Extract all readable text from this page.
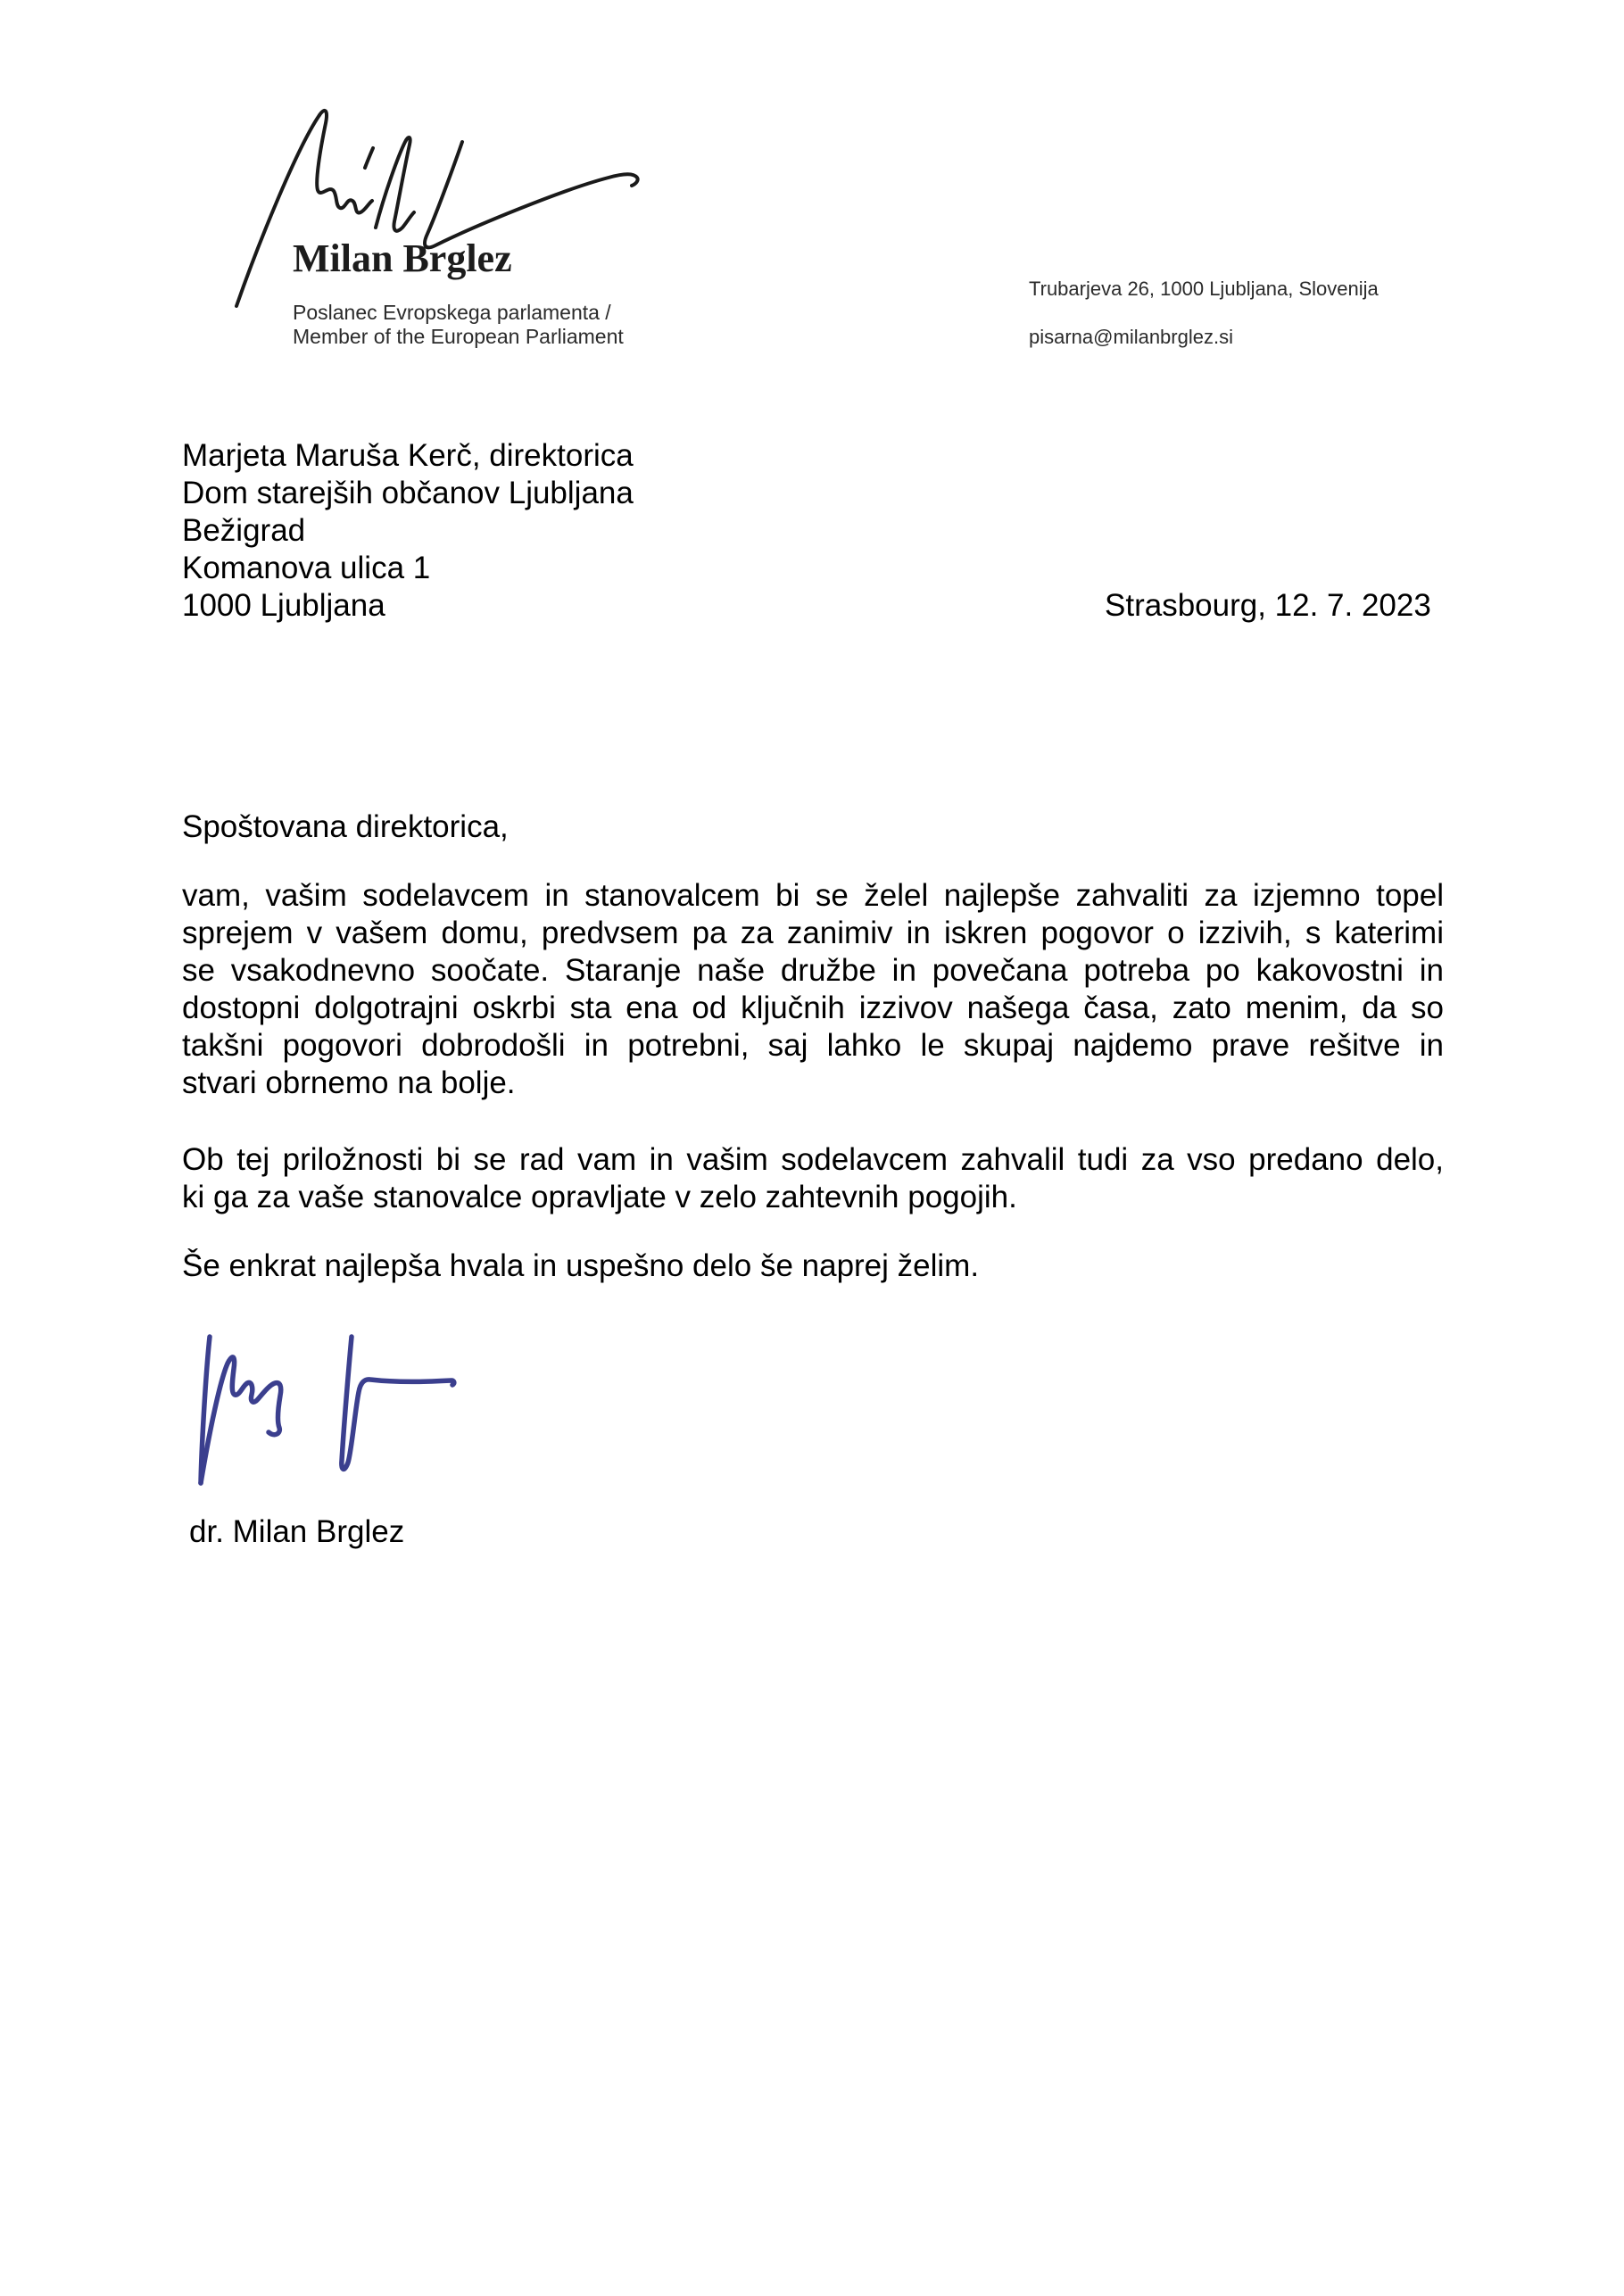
Milan Brglez
Poslanec Evropskega parlamenta /
Member of the European Parliament
Trubarjeva 26, 1000 Ljubljana, Slovenija
pisarna@milanbrglez.si
Marjeta Maruša Kerč, direktorica
Dom starejših občanov Ljubljana
Bežigrad
Komanova ulica 1
1000 Ljubljana	Strasbourg, 12. 7. 2023
Spoštovana direktorica,
vam, vašim sodelavcem in stanovalcem bi se želel najlepše zahvaliti za izjemno topel
sprejem v vašem domu, predvsem pa za zanimiv in iskren pogovor o izzivih, s katerimi
se vsakodnevno soočate. Staranje naše družbe in povečana potreba po kakovostni in
dostopni dolgotrajni oskrbi sta ena od ključnih izzivov našega časa, zato menim, da so
takšni pogovori dobrodošli in potrebni, saj lahko le skupaj najdemo prave rešitve in
stvari obrnemo na bolje.
Ob tej priložnosti bi se rad vam in vašim sodelavcem zahvalil tudi za vso predano delo,
ki ga za vaše stanovalce opravljate v zelo zahtevnih pogojih.
Še enkrat najlepša hvala in uspešno delo še naprej želim.
dr. Milan Brglez
